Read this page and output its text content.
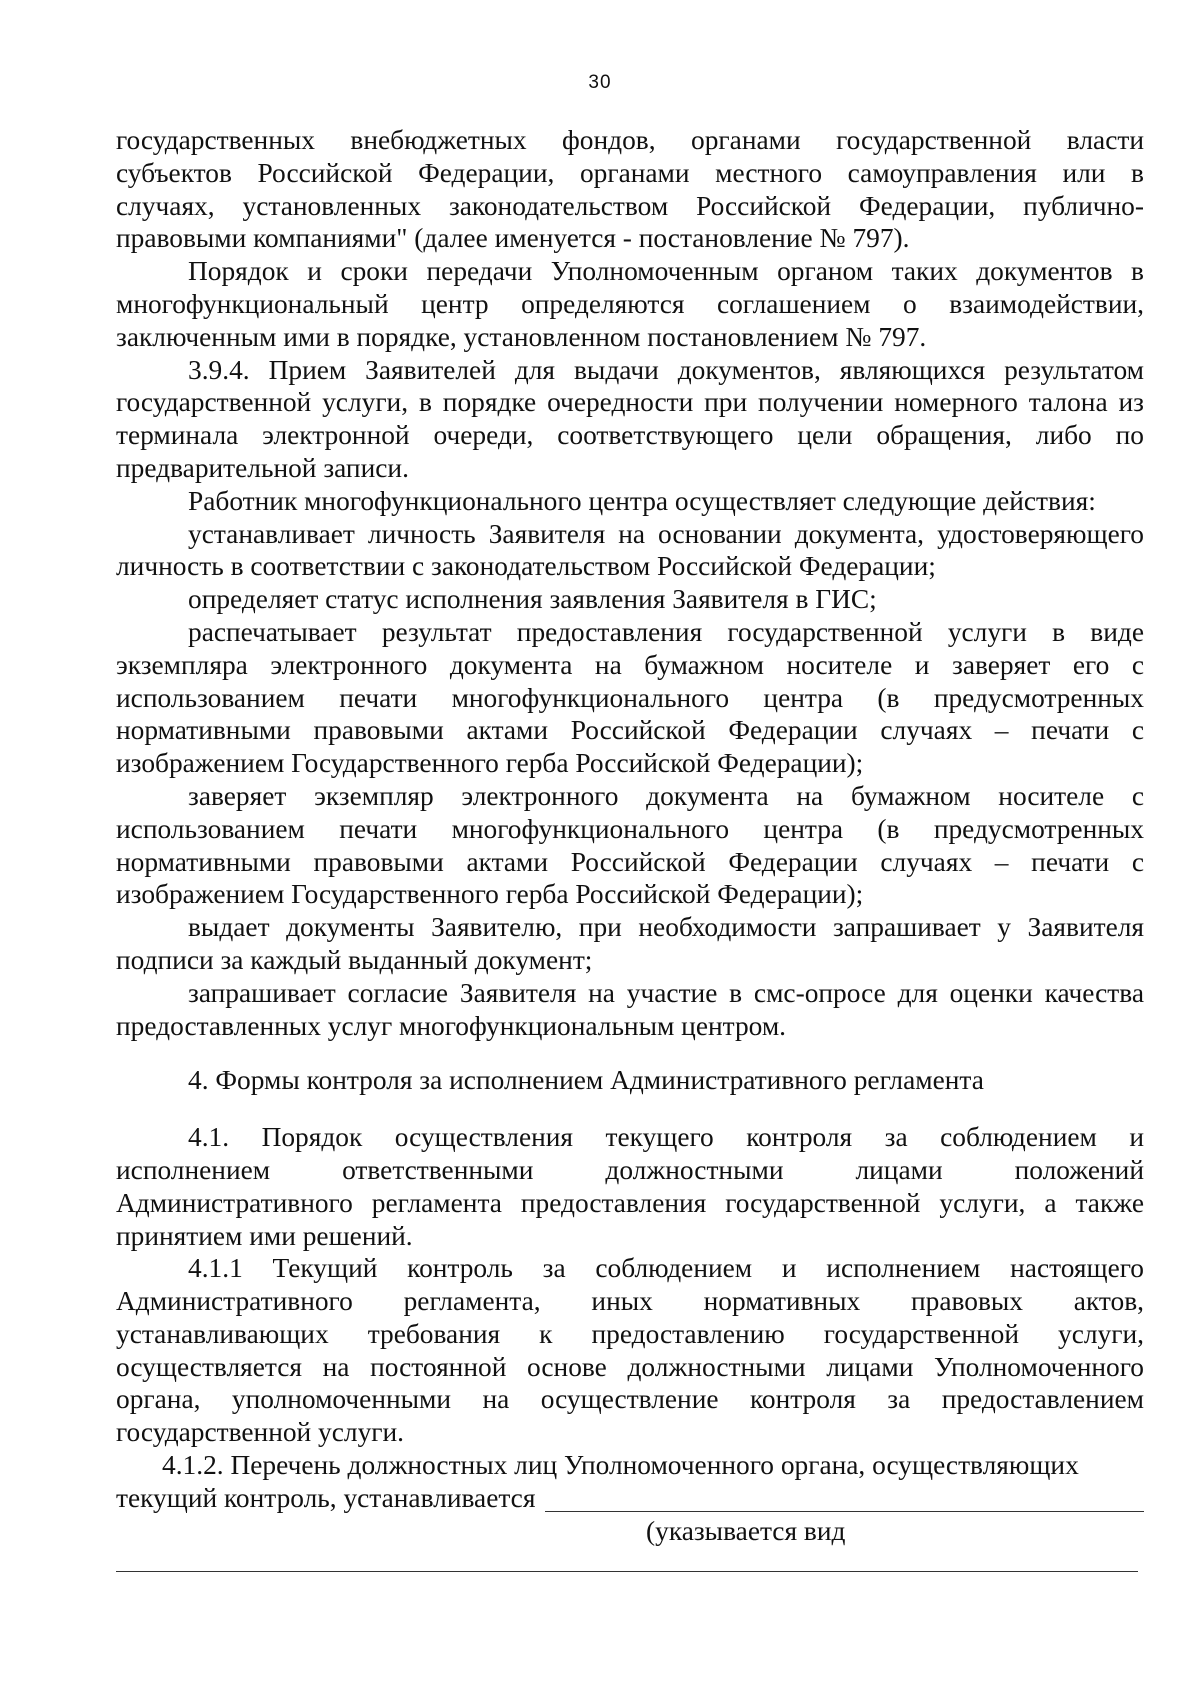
30
государственных внебюджетных фондов, органами государственной власти
субъектов Российской Федерации, органами местного самоуправления или в
случаях, установленных законодательством Российской Федерации, публично-
правовыми компаниями" (далее именуется - постановление № 797).
Порядок и сроки передачи Уполномоченным органом таких документов в
многофункциональный центр определяются соглашением о взаимодействии,
заключенным ими в порядке, установленном постановлением № 797.
3.9.4. Прием Заявителей для выдачи документов, являющихся результатом
государственной услуги, в порядке очередности при получении номерного талона из
терминала электронной очереди, соответствующего цели обращения, либо по
предварительной записи.
Работник многофункционального центра осуществляет следующие действия:
устанавливает личность Заявителя на основании документа, удостоверяющего
личность в соответствии с законодательством Российской Федерации;
определяет статус исполнения заявления Заявителя в ГИС;
распечатывает результат предоставления государственной услуги в виде
экземпляра электронного документа на бумажном носителе и заверяет его с
использованием печати многофункционального центра (в предусмотренных
нормативными правовыми актами Российской Федерации случаях – печати с
изображением Государственного герба Российской Федерации);
заверяет экземпляр электронного документа на бумажном носителе с
использованием печати многофункционального центра (в предусмотренных
нормативными правовыми актами Российской Федерации случаях – печати с
изображением Государственного герба Российской Федерации);
выдает документы Заявителю, при необходимости запрашивает у Заявителя
подписи за каждый выданный документ;
запрашивает согласие Заявителя на участие в смс-опросе для оценки качества
предоставленных услуг многофункциональным центром.
4. Формы контроля за исполнением Административного регламента
4.1. Порядок осуществления текущего контроля за соблюдением и
исполнением ответственными должностными лицами положений
Административного регламента предоставления государственной услуги, а также
принятием ими решений.
4.1.1 Текущий контроль за соблюдением и исполнением настоящего
Административного регламента, иных нормативных правовых актов,
устанавливающих требования к предоставлению государственной услуги,
осуществляется на постоянной основе должностными лицами Уполномоченного
органа, уполномоченными на осуществление контроля за предоставлением
государственной услуги.
4.1.2. Перечень должностных лиц Уполномоченного органа, осуществляющих
текущий контроль, устанавливается
(указывается вид
